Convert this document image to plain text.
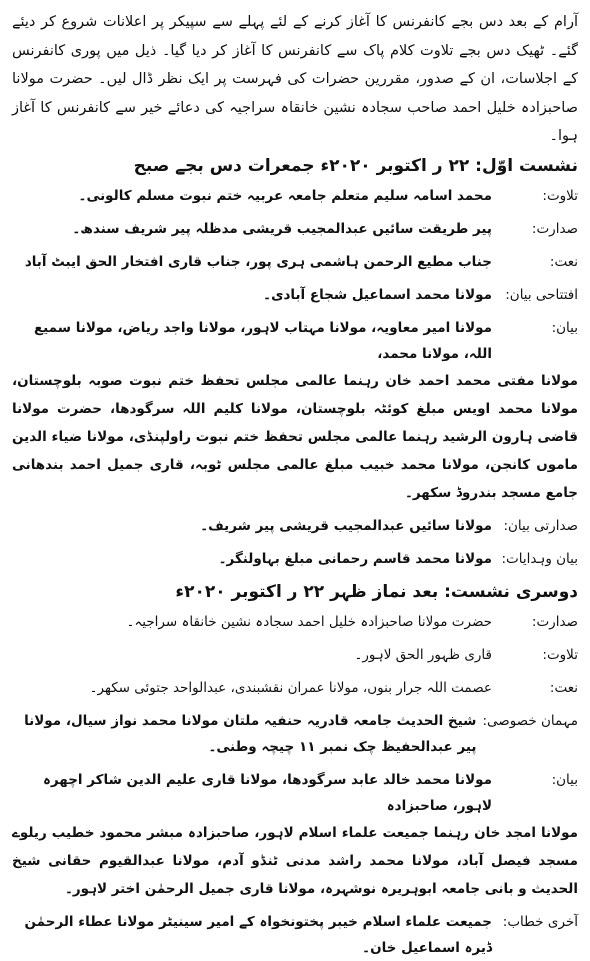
آرام کے بعد دس بجے کانفرنس کا آغاز کرنے کے لئے پہلے سے سپیکر پر اعلانات شروع کر دیئے گئے۔ ٹھیک دس بجے تلاوت کلام پاک سے کانفرنس کا آغاز کر دیا گیا۔ ذیل میں پوری کانفرنس کے اجلاسات، ان کے صدور، مقررین حضرات کی فہرست پر ایک نظر ڈال لیں۔ حضرت مولانا صاحبزادہ خلیل احمد صاحب سجادہ نشین خانقاہ سراجیہ کی دعائے خیر سے کانفرنس کا آغاز ہوا۔

نشست اوّل: ۲۲ ر اکتوبر ۲۰۲۰ء جمعرات دس بجے صبح
تلاوت:
محمد اسامہ سلیم متعلم جامعہ عربیہ ختم نبوت مسلم کالونی۔
صدارت:
پیر طریقت سائیں عبدالمجیب قریشی مدظلہ پیر شریف سندھ۔
نعت:
جناب مطیع الرحمن ہاشمی ہری پور، جناب قاری افتخار الحق ایبٹ آباد
افتتاحی بیان:
مولانا محمد اسماعیل شجاع آبادی۔
بیان:
مولانا امیر معاویہ، مولانا مہتاب لاہور، مولانا واجد ریاض، مولانا سمیع اللہ، مولانا محمد،
مولانا مفتی محمد احمد خان رہنما عالمی مجلس تحفظ ختم نبوت صوبہ بلوچستان، مولانا محمد اویس مبلغ کوئٹہ بلوچستان، مولانا کلیم اللہ سرگودھا، حضرت مولانا قاضی ہارون الرشید رہنما عالمی مجلس تحفظ ختم نبوت راولپنڈی، مولانا ضیاء الدین ماموں کانجن، مولانا محمد خبیب مبلغ عالمی مجلس ٹوبہ، قاری جمیل احمد بندھانی جامع مسجد بندروڈ سکھر۔
صدارتی بیان:
مولانا سائیں عبدالمجیب قریشی پیر شریف۔
بیان وہدایات:
مولانا محمد قاسم رحمانی مبلغ بہاولنگر۔
دوسری نشست: بعد نماز ظہر ۲۲ ر اکتوبر ۲۰۲۰ء
صدارت:
حضرت مولانا صاحبزادہ خلیل احمد سجادہ نشین خانقاہ سراجیہ۔
تلاوت:
قاری ظہور الحق لاہور۔
نعت:
عصمت اللہ جرار بنوں، مولانا عمران نقشبندی، عبدالواحد جتوئی سکھر۔
مہمان خصوصی:
شیخ الحدیث جامعہ قادریہ حنفیہ ملتان مولانا محمد نواز سیال، مولانا پیر عبدالحفیظ چک نمبر ۱۱ چیچہ وطنی۔
بیان:
مولانا محمد خالد عابد سرگودھا، مولانا قاری علیم الدین شاکر اچھرہ لاہور، صاحبزادہ
مولانا امجد خان رہنما جمیعت علماء اسلام لاہور، صاحبزادہ مبشر محمود خطیب ریلوے مسجد فیصل آباد، مولانا محمد راشد مدنی ٹنڈو آدم، مولانا عبدالقیوم حقانی شیخ الحدیث و بانی جامعہ ابوہریرہ نوشہرہ، مولانا قاری جمیل الرحمٰن اختر لاہور۔
آخری خطاب:
جمیعت علماء اسلام خیبر پختونخواہ کے امیر سینیٹر مولانا عطاء الرحمٰن ڈیرہ اسماعیل خان۔
